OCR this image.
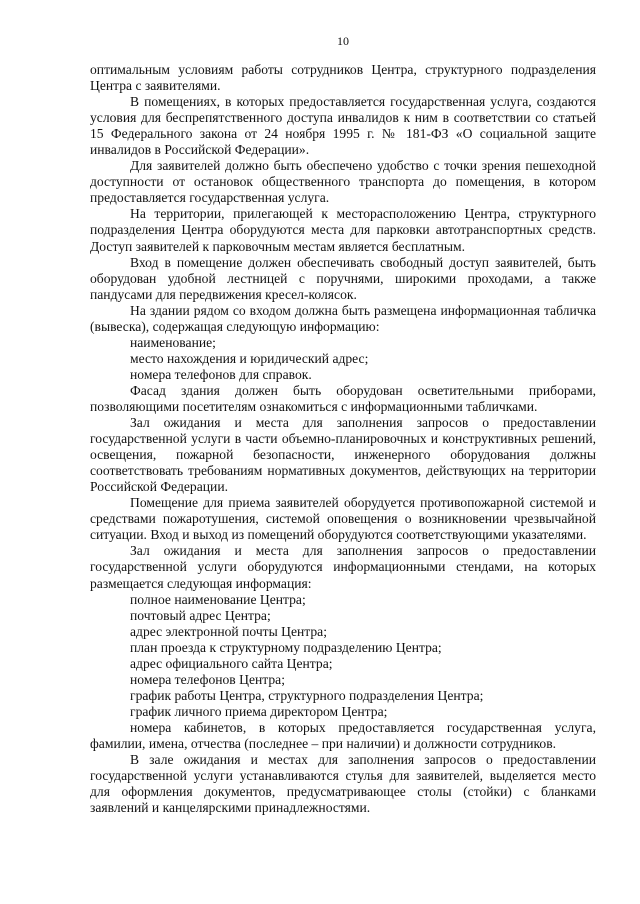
10

оптимальным условиям работы сотрудников Центра, структурного подразделения Центра с заявителями.

В помещениях, в которых предоставляется государственная услуга, создаются условия для беспрепятственного доступа инвалидов к ним в соответствии со статьей 15 Федерального закона от 24 ноября 1995 г. № 181-ФЗ «О социальной защите инвалидов в Российской Федерации».

Для заявителей должно быть обеспечено удобство с точки зрения пешеходной доступности от остановок общественного транспорта до помещения, в котором предоставляется государственная услуга.

На территории, прилегающей к месторасположению Центра, структурного подразделения Центра оборудуются места для парковки автотранспортных средств. Доступ заявителей к парковочным местам является бесплатным.

Вход в помещение должен обеспечивать свободный доступ заявителей, быть оборудован удобной лестницей с поручнями, широкими проходами, а также пандусами для передвижения кресел-колясок.

На здании рядом со входом должна быть размещена информационная табличка (вывеска), содержащая следующую информацию:

наименование;

место нахождения и юридический адрес;

номера телефонов для справок.

Фасад здания должен быть оборудован осветительными приборами, позволяющими посетителям ознакомиться с информационными табличками.

Зал ожидания и места для заполнения запросов о предоставлении государственной услуги в части объемно-планировочных и конструктивных решений, освещения, пожарной безопасности, инженерного оборудования должны соответствовать требованиям нормативных документов, действующих на территории Российской Федерации.

Помещение для приема заявителей оборудуется противопожарной системой и средствами пожаротушения, системой оповещения о возникновении чрезвычайной ситуации. Вход и выход из помещений оборудуются соответствующими указателями.

Зал ожидания и места для заполнения запросов о предоставлении государственной услуги оборудуются информационными стендами, на которых размещается следующая информация:

полное наименование Центра;

почтовый адрес Центра;

адрес электронной почты Центра;

план проезда к структурному подразделению Центра;

адрес официального сайта Центра;

номера телефонов Центра;

график работы Центра, структурного подразделения Центра;

график личного приема директором Центра;

номера кабинетов, в которых предоставляется государственная услуга, фамилии, имена, отчества (последнее – при наличии) и должности сотрудников.

В зале ожидания и местах для заполнения запросов о предоставлении государственной услуги устанавливаются стулья для заявителей, выделяется место для оформления документов, предусматривающее столы (стойки) с бланками заявлений и канцелярскими принадлежностями.
